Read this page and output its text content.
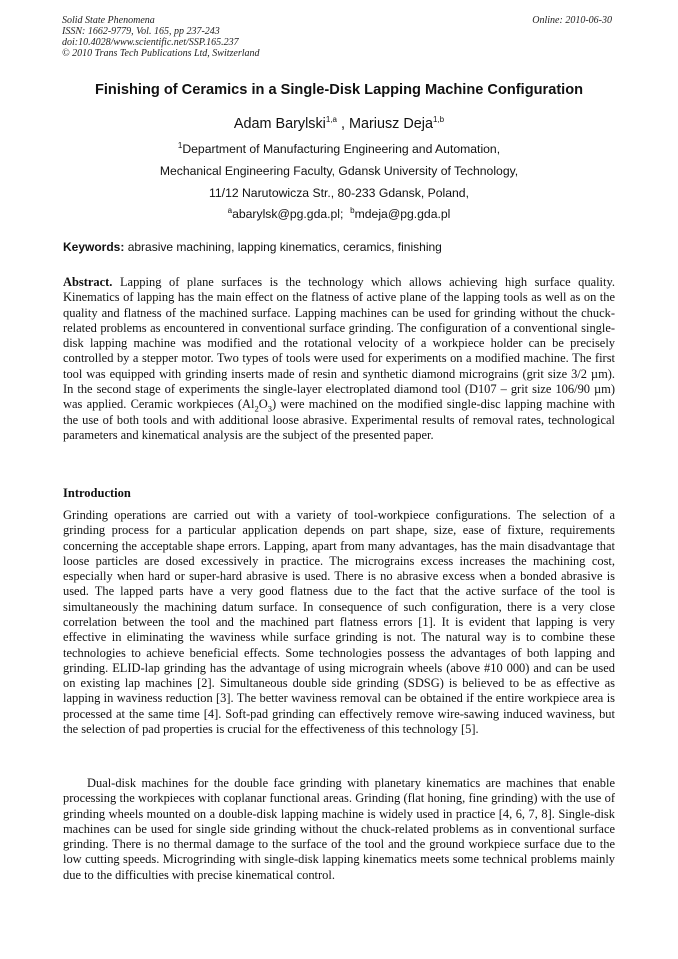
Solid State Phenomena
ISSN: 1662-9779, Vol. 165, pp 237-243
doi:10.4028/www.scientific.net/SSP.165.237
© 2010 Trans Tech Publications Ltd, Switzerland
Online: 2010-06-30
Finishing of Ceramics in a Single-Disk Lapping Machine Configuration
Adam Barylski$^{1,a}$ , Mariusz Deja$^{1,b}$
$^1$Department of Manufacturing Engineering and Automation,
Mechanical Engineering Faculty, Gdansk University of Technology,
11/12 Narutowicza Str., 80-233 Gdansk, Poland,
$^a$abarylsk@pg.gda.pl; $^b$mdeja@pg.gda.pl
Keywords: abrasive machining, lapping kinematics, ceramics, finishing
Abstract. Lapping of plane surfaces is the technology which allows achieving high surface quality. Kinematics of lapping has the main effect on the flatness of active plane of the lapping tools as well as on the quality and flatness of the machined surface. Lapping machines can be used for grinding without the chuck-related problems as encountered in conventional surface grinding. The configuration of a conventional single-disk lapping machine was modified and the rotational velocity of a workpiece holder can be precisely controlled by a stepper motor. Two types of tools were used for experiments on a modified machine. The first tool was equipped with grinding inserts made of resin and synthetic diamond micrograins (grit size 3/2 µm). In the second stage of experiments the single-layer electroplated diamond tool (D107 – grit size 106/90 µm) was applied. Ceramic workpieces $(Al_2O_3)$ were machined on the modified single-disc lapping machine with the use of both tools and with additional loose abrasive. Experimental results of removal rates, technological parameters and kinematical analysis are the subject of the presented paper.
Introduction
Grinding operations are carried out with a variety of tool-workpiece configurations. The selection of a grinding process for a particular application depends on part shape, size, ease of fixture, requirements concerning the acceptable shape errors. Lapping, apart from many advantages, has the main disadvantage that loose particles are dosed excessively in practice. The micrograins excess increases the machining cost, especially when hard or super-hard abrasive is used. There is no abrasive excess when a bonded abrasive is used. The lapped parts have a very good flatness due to the fact that the active surface of the tool is simultaneously the machining datum surface. In consequence of such configuration, there is a very close correlation between the tool and the machined part flatness errors [1]. It is evident that lapping is very effective in eliminating the waviness while surface grinding is not. The natural way is to combine these technologies to achieve beneficial effects. Some technologies possess the advantages of both lapping and grinding. ELID-lap grinding has the advantage of using micrograin wheels (above #10 000) and can be used on existing lap machines [2]. Simultaneous double side grinding (SDSG) is believed to be as effective as lapping in waviness reduction [3]. The better waviness removal can be obtained if the entire workpiece area is processed at the same time [4]. Soft-pad grinding can effectively remove wire-sawing induced waviness, but the selection of pad properties is crucial for the effectiveness of this technology [5].
Dual-disk machines for the double face grinding with planetary kinematics are machines that enable processing the workpieces with coplanar functional areas. Grinding (flat honing, fine grinding) with the use of grinding wheels mounted on a double-disk lapping machine is widely used in practice [4, 6, 7, 8]. Single-disk machines can be used for single side grinding without the chuck-related problems as in conventional surface grinding. There is no thermal damage to the surface of the tool and the ground workpiece surface due to the low cutting speeds. Microgrinding with single-disk lapping kinematics meets some technical problems mainly due to the difficulties with precise kinematical control.
